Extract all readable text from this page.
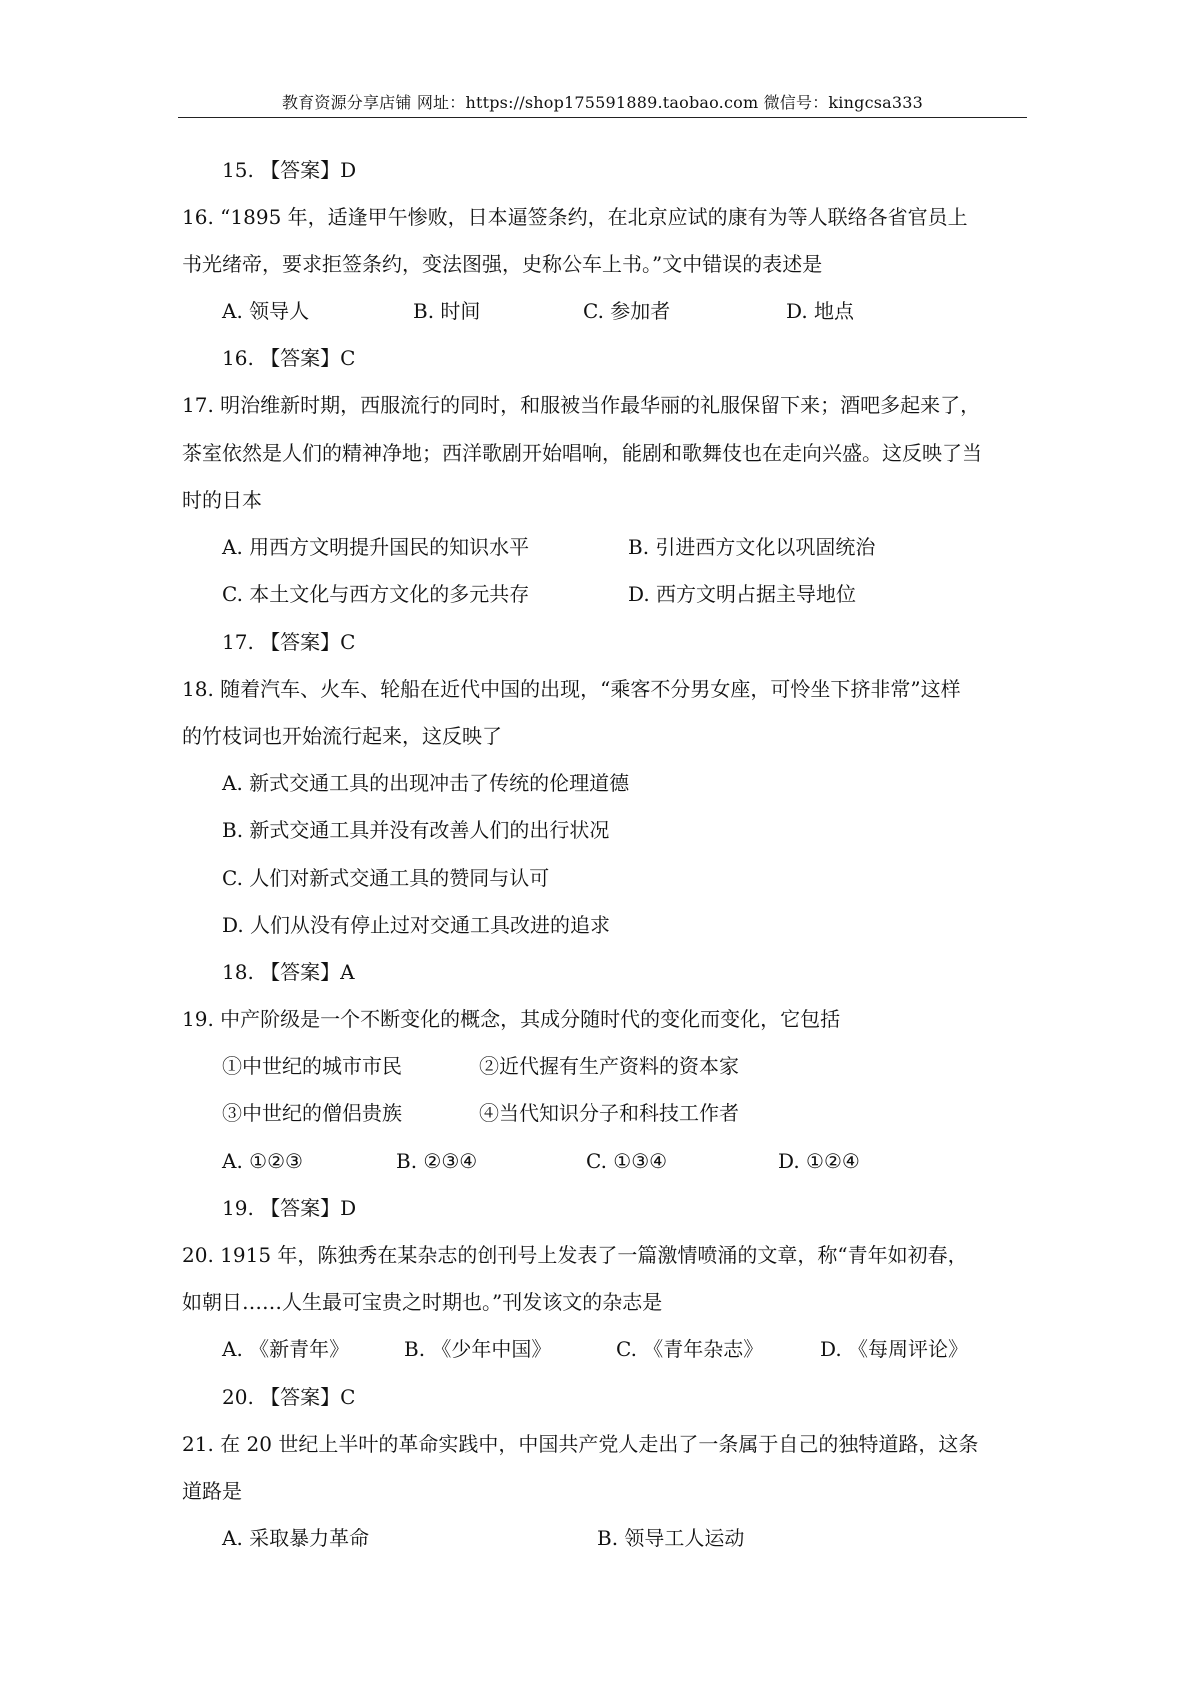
教育资源分享店铺 网址：https://shop175591889.taobao.com 微信号：kingcsa333
15. 【答案】D
16. “1895 年，适逢甲午惨败，日本逼签条约，在北京应试的康有为等人联络各省官员上
书光绪帝，要求拒签条约，变法图强，史称公车上书。”文中错误的表述是
A. 领导人	B. 时间	C. 参加者	D. 地点
16. 【答案】C
17. 明治维新时期，西服流行的同时，和服被当作最华丽的礼服保留下来；酒吧多起来了，
茶室依然是人们的精神净地；西洋歌剧开始唱响，能剧和歌舞伎也在走向兴盛。这反映了当
时的日本
A. 用西方文明提升国民的知识水平	B. 引进西方文化以巩固统治
C. 本土文化与西方文化的多元共存	D. 西方文明占据主导地位
17. 【答案】C
18. 随着汽车、火车、轮船在近代中国的出现，“乘客不分男女座，可怜坐下挤非常”这样
的竹枝词也开始流行起来，这反映了
A. 新式交通工具的出现冲击了传统的伦理道德
B. 新式交通工具并没有改善人们的出行状况
C. 人们对新式交通工具的赞同与认可
D. 人们从没有停止过对交通工具改进的追求
18. 【答案】A
19. 中产阶级是一个不断变化的概念，其成分随时代的变化而变化，它包括
①中世纪的城市市民	②近代握有生产资料的资本家
③中世纪的僧侣贵族	④当代知识分子和科技工作者
A. ①②③	B. ②③④	C. ①③④	D. ①②④
19. 【答案】D
20. 1915 年，陈独秀在某杂志的创刊号上发表了一篇激情喷涌的文章，称“青年如初春，
如朝日……人生最可宝贵之时期也。”刊发该文的杂志是
A. 《新青年》	B. 《少年中国》	C. 《青年杂志》	D. 《每周评论》
20. 【答案】C
21. 在 20 世纪上半叶的革命实践中，中国共产党人走出了一条属于自己的独特道路，这条
道路是
A. 采取暴力革命	B. 领导工人运动
